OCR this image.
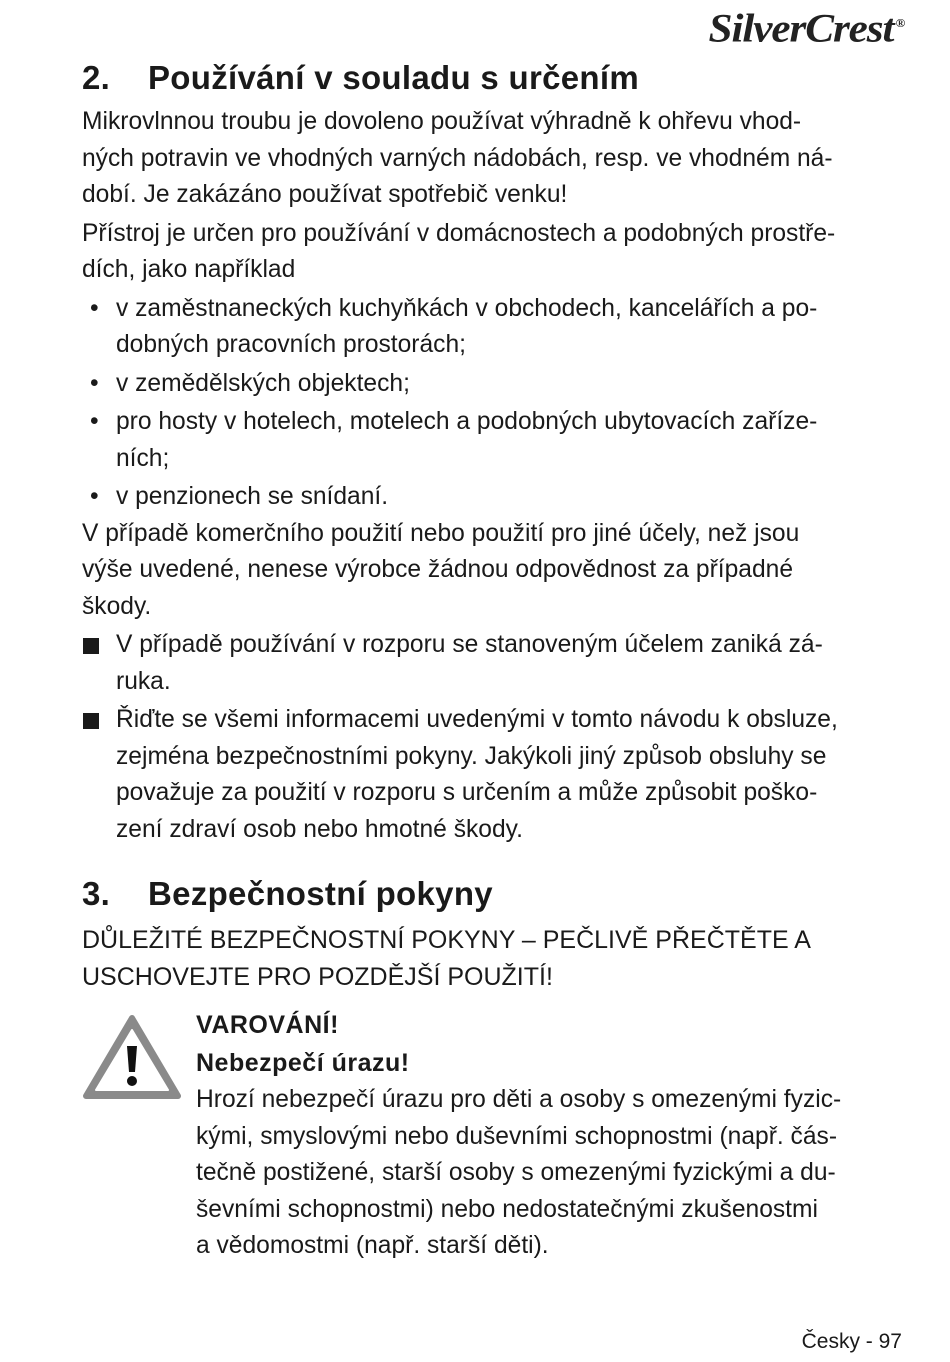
SilverCrest ®
2. Používání v souladu s určením
Mikrovlnnou troubu je dovoleno používat výhradně k ohřevu vhod-
ných potravin ve vhodných varných nádobách, resp. ve vhodném ná-
dobí. Je zakázáno používat spotřebič venku!
Přístroj je určen pro používání v domácnostech a podobných prostře-
dích, jako například
• v zaměstnaneckých kuchyňkách v obchodech, kancelářích a po-
dobných pracovních prostorách;
• v zemědělských objektech;
• pro hosty v hotelech, motelech a podobných ubytovacích zaříze-
ních;
• v penzionech se snídaní.
V případě komerčního použití nebo použití pro jiné účely, než jsou
výše uvedené, nenese výrobce žádnou odpovědnost za případné
škody.
V případě používání v rozporu se stanoveným účelem zaniká zá-
ruka.
Řiďte se všemi informacemi uvedenými v tomto návodu k obsluze,
zejména bezpečnostními pokyny. Jakýkoli jiný způsob obsluhy se
považuje za použití v rozporu s určením a může způsobit poško-
zení zdraví osob nebo hmotné škody.
3. Bezpečnostní pokyny
DŮLEŽITÉ BEZPEČNOSTNÍ POKYNY – PEČLIVĚ PŘEČTĚTE A
USCHOVEJTE PRO POZDĚJŠÍ POUŽITÍ!
VAROVÁNÍ!
Nebezpečí úrazu!
Hrozí nebezpečí úrazu pro děti a osoby s omezenými fyzic-
kými, smyslovými nebo duševními schopnostmi (např. čás-
tečně postižené, starší osoby s omezenými fyzickými a du-
ševními schopnostmi) nebo nedostatečnými zkušenostmi
a vědomostmi (např. starší děti).
Česky - 97
